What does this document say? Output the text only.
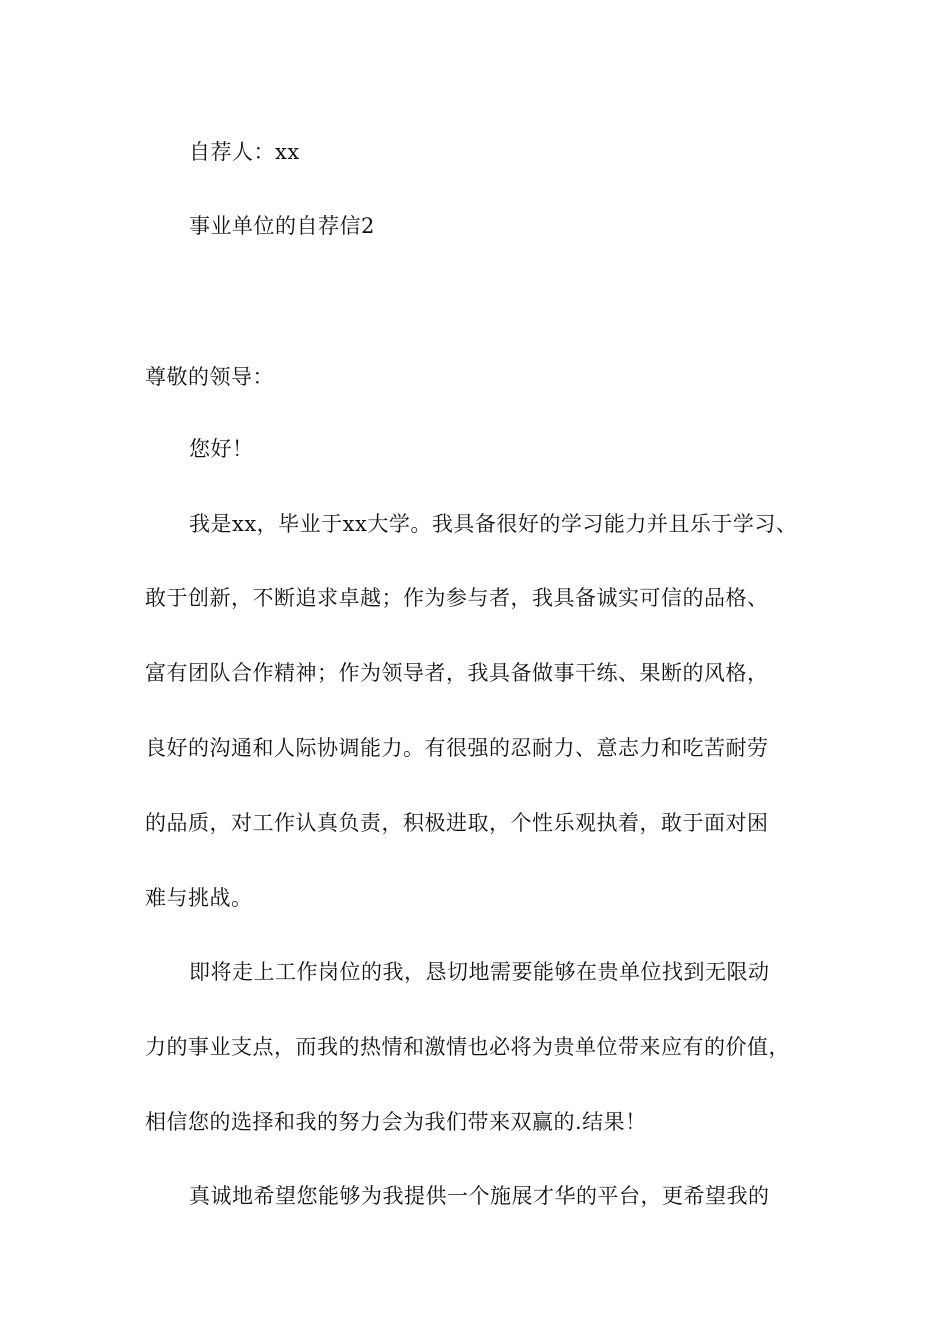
自荐人：xx
事业单位的自荐信2
尊敬的领导：
您好！
我是xx，毕业于xx大学。我具备很好的学习能力并且乐于学习、
敢于创新，不断追求卓越；作为参与者，我具备诚实可信的品格、
富有团队合作精神；作为领导者，我具备做事干练、果断的风格，
良好的沟通和人际协调能力。有很强的忍耐力、意志力和吃苦耐劳
的品质，对工作认真负责，积极进取，个性乐观执着，敢于面对困
难与挑战。
即将走上工作岗位的我，恳切地需要能够在贵单位找到无限动
力的事业支点，而我的热情和激情也必将为贵单位带来应有的价值，
相信您的选择和我的努力会为我们带来双赢的.结果！
真诚地希望您能够为我提供一个施展才华的平台，更希望我的
